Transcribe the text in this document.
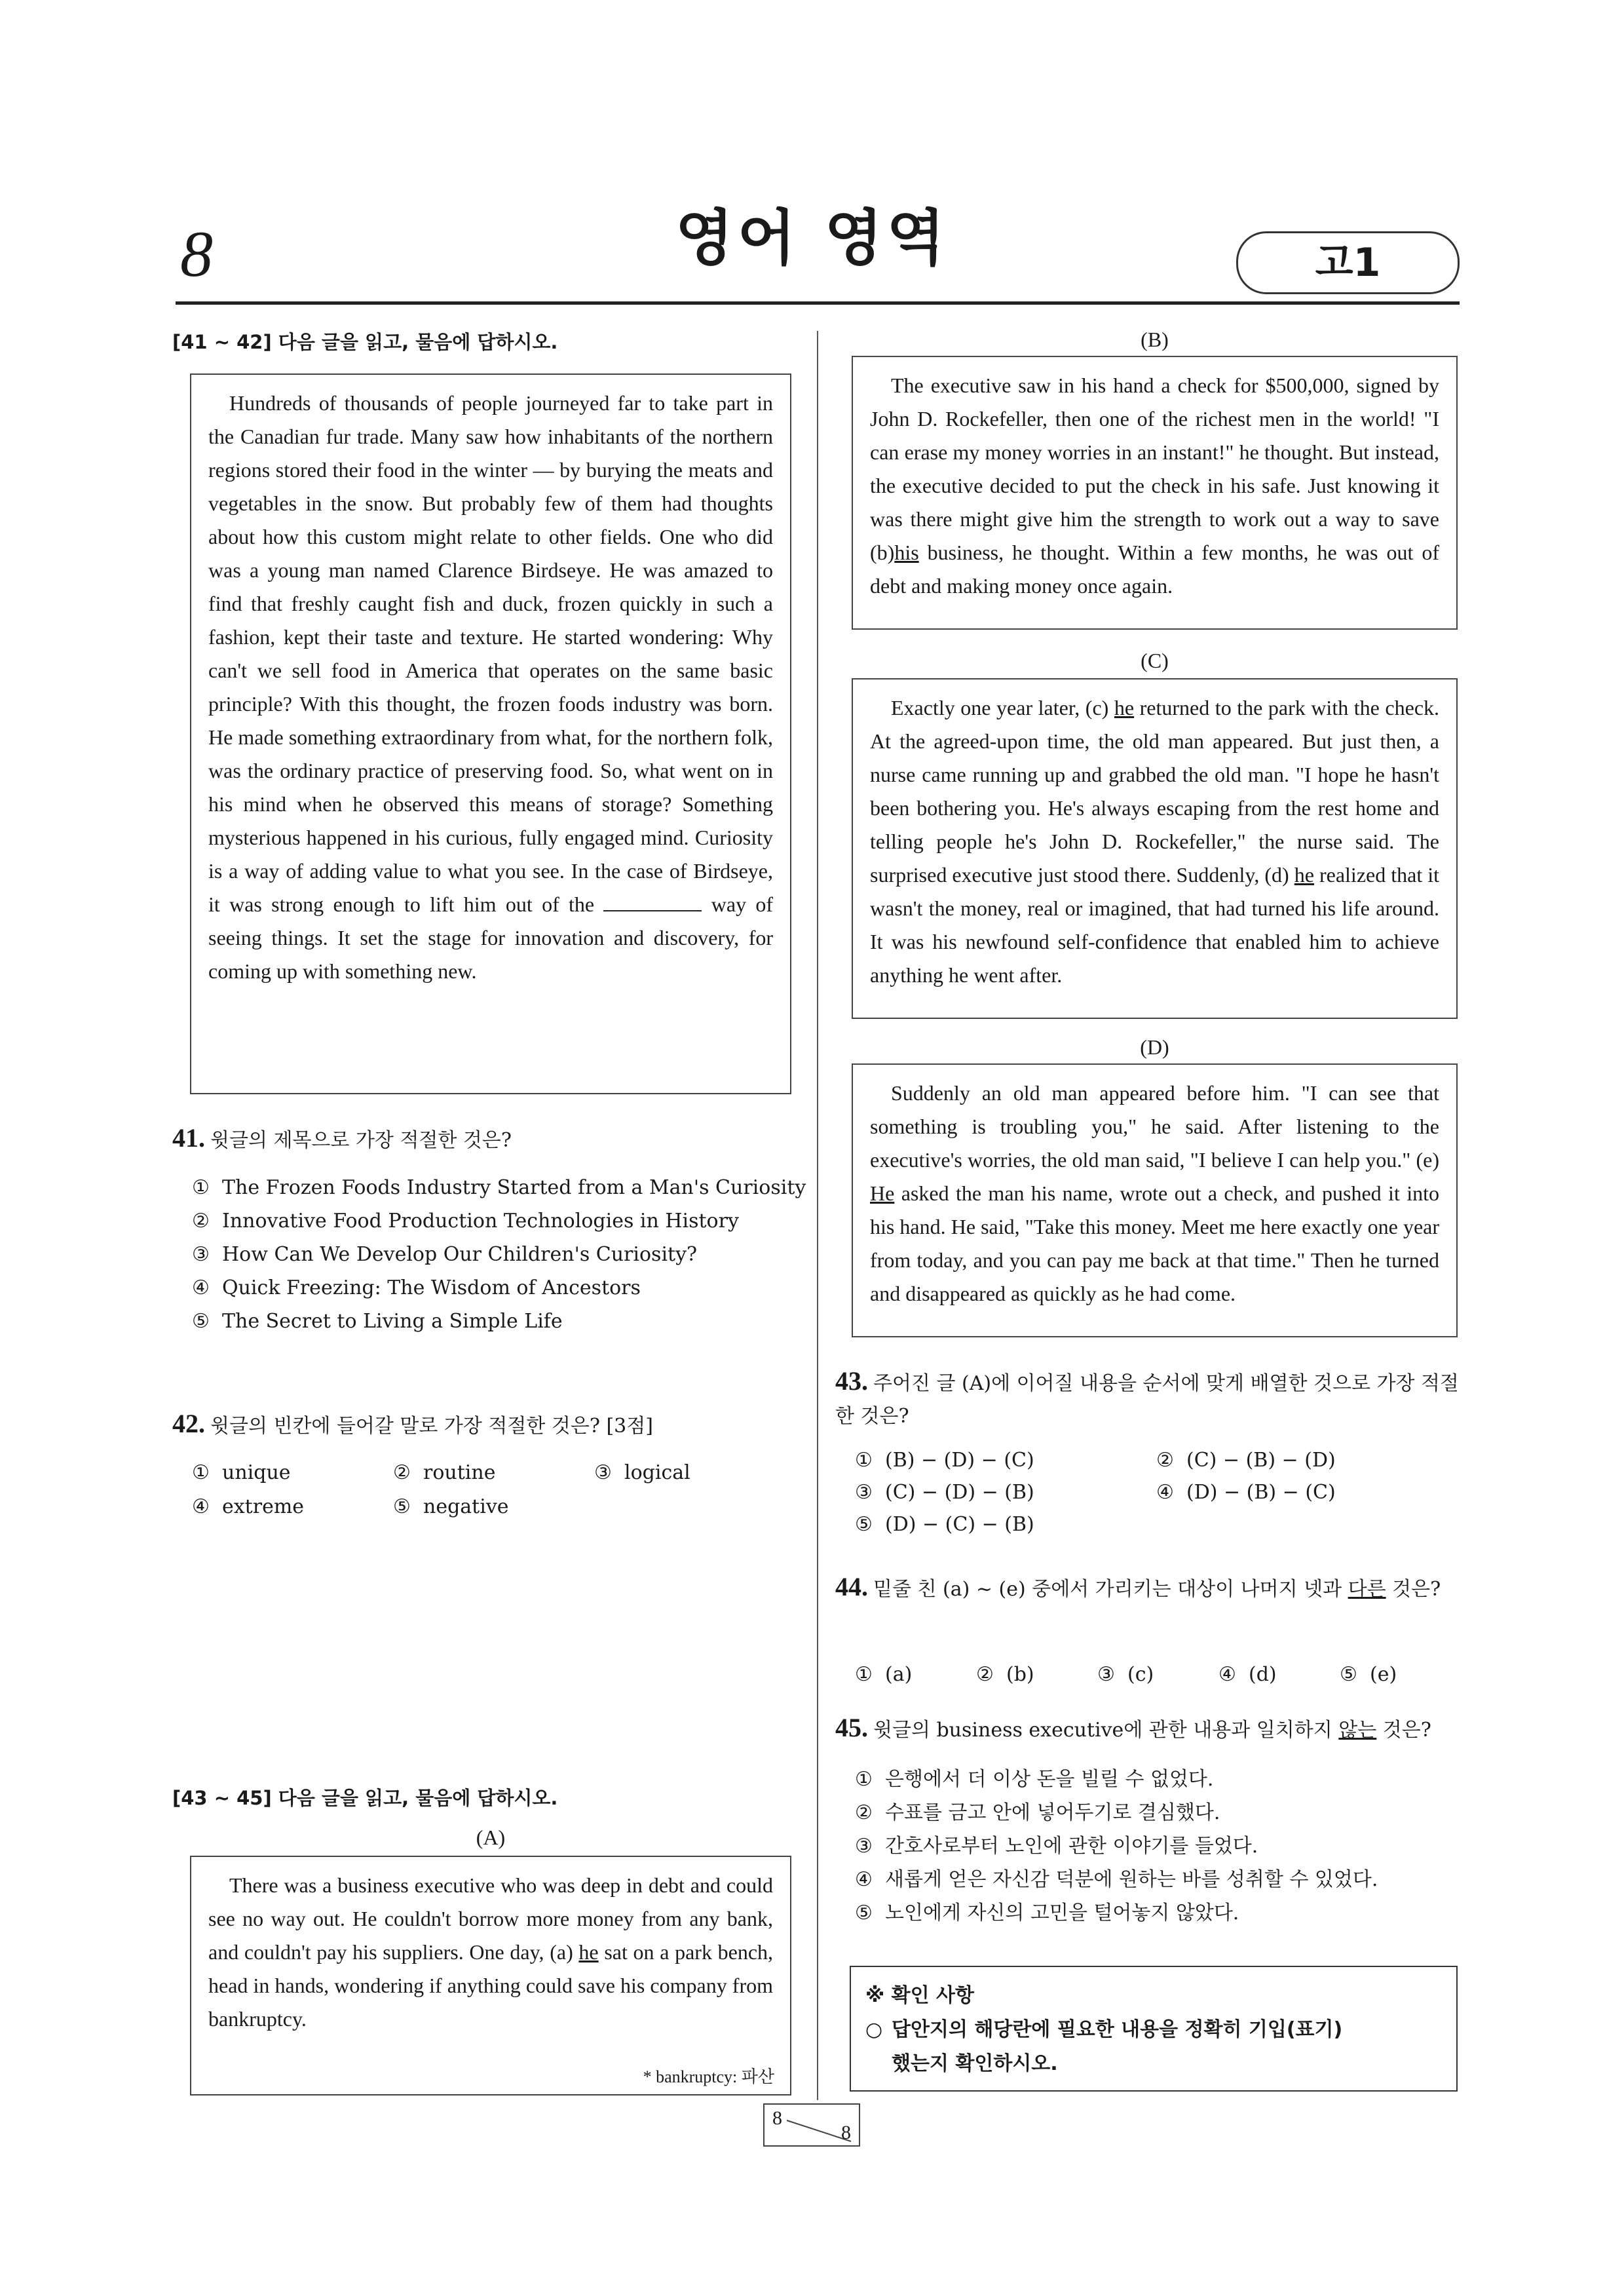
8	영어 영역	고1
[41 ~ 42] 다음 글을 읽고, 물음에 답하시오.

Hundreds of thousands of people journeyed far to take part in the Canadian fur trade. Many saw how inhabitants of the northern regions stored their food in the winter — by burying the meats and vegetables in the snow. But probably few of them had thoughts about how this custom might relate to other fields. One who did was a young man named Clarence Birdseye. He was amazed to find that freshly caught fish and duck, frozen quickly in such a fashion, kept their taste and texture. He started wondering: Why can't we sell food in America that operates on the same basic principle? With this thought, the frozen foods industry was born. He made something extraordinary from what, for the northern folk, was the ordinary practice of preserving food. So, what went on in his mind when he observed this means of storage? Something mysterious happened in his curious, fully engaged mind. Curiosity is a way of adding value to what you see. In the case of Birdseye, it was strong enough to lift him out of the	way of seeing things. It set the stage for innovation and discovery, for coming up with something new.

41. 윗글의 제목으로 가장 적절한 것은?
① The Frozen Foods Industry Started from a Man's Curiosity
② Innovative Food Production Technologies in History
③ How Can We Develop Our Children's Curiosity?
④ Quick Freezing: The Wisdom of Ancestors
⑤ The Secret to Living a Simple Life
42. 윗글의 빈칸에 들어갈 말로 가장 적절한 것은? [3점]
① unique	② routine	③ logical
④ extreme	⑤ negative
[43 ~ 45] 다음 글을 읽고, 물음에 답하시오.
(A)

There was a business executive who was deep in debt and could see no way out. He couldn't borrow more money from any bank, and couldn't pay his suppliers. One day, (a) he sat on a park bench, head in hands, wondering if anything could save his company from bankruptcy.

* bankruptcy: 파산
(B)

The executive saw in his hand a check for $500,000, signed by John D. Rockefeller, then one of the richest men in the world! "I can erase my money worries in an instant!" he thought. But instead, the executive decided to put the check in his safe. Just knowing it was there might give him the strength to work out a way to save (b)his business, he thought. Within a few months, he was out of debt and making money once again.

(C)

Exactly one year later, (c) he returned to the park with the check. At the agreed-upon time, the old man appeared. But just then, a nurse came running up and grabbed the old man. "I hope he hasn't been bothering you. He's always escaping from the rest home and telling people he's John D. Rockefeller," the nurse said. The surprised executive just stood there. Suddenly, (d) he realized that it wasn't the money, real or imagined, that had turned his life around. It was his newfound self-confidence that enabled him to achieve anything he went after.

(D)

Suddenly an old man appeared before him. "I can see that something is troubling you," he said. After listening to the executive's worries, the old man said, "I believe I can help you." (e) He asked the man his name, wrote out a check, and pushed it into his hand. He said, "Take this money. Meet me here exactly one year from today, and you can pay me back at that time." Then he turned and disappeared as quickly as he had come.

43. 주어진 글 (A)에 이어질 내용을 순서에 맞게 배열한 것으로 가장 적절한 것은?
① (B) − (D) − (C)	② (C) − (B) − (D)
③ (C) − (D) − (B)	④ (D) − (B) − (C)
⑤ (D) − (C) − (B)
44. 밑줄 친 (a) ~ (e) 중에서 가리키는 대상이 나머지 넷과 다른 것은?
① (a)	② (b)	③ (c)	④ (d)	⑤ (e)
45. 윗글의 business executive에 관한 내용과 일치하지 않는 것은?
① 은행에서 더 이상 돈을 빌릴 수 없었다.
② 수표를 금고 안에 넣어두기로 결심했다.
③ 간호사로부터 노인에 관한 이야기를 들었다.
④ 새롭게 얻은 자신감 덕분에 원하는 바를 성취할 수 있었다.
⑤ 노인에게 자신의 고민을 털어놓지 않았다.
※ 확인 사항
○ 답안지의 해당란에 필요한 내용을 정확히 기입(표기)
했는지 확인하시오.
8
8
